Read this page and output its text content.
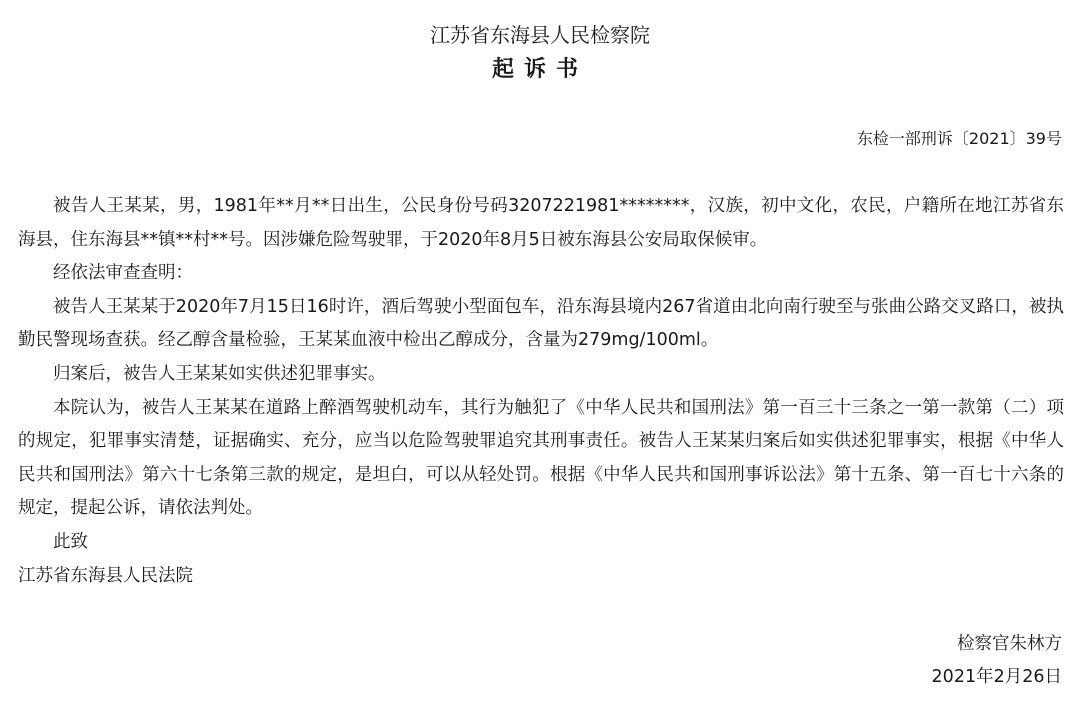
江苏省东海县人民检察院
起诉书
东检一部刑诉〔2021〕39号

被告人王某某，男，1981年**月**日出生，公民身份号码3207221981********，汉族，初中文化，农民，户籍所在地江苏省东海县，住东海县**镇**村**号。因涉嫌危险驾驶罪，于2020年8月5日被东海县公安局取保候审。

经依法审查查明：

被告人王某某于2020年7月15日16时许，酒后驾驶小型面包车，沿东海县境内267省道由北向南行驶至与张曲公路交叉路口，被执勤民警现场查获。经乙醇含量检验，王某某血液中检出乙醇成分，含量为279mg/100ml。

归案后，被告人王某某如实供述犯罪事实。

本院认为，被告人王某某在道路上醉酒驾驶机动车，其行为触犯了《中华人民共和国刑法》第一百三十三条之一第一款第（二）项的规定，犯罪事实清楚，证据确实、充分，应当以危险驾驶罪追究其刑事责任。被告人王某某归案后如实供述犯罪事实，根据《中华人民共和国刑法》第六十七条第三款的规定，是坦白，可以从轻处罚。根据《中华人民共和国刑事诉讼法》第十五条、第一百七十六条的规定，提起公诉，请依法判处。

此致

江苏省东海县人民法院

检察官朱林方
2021年2月26日
